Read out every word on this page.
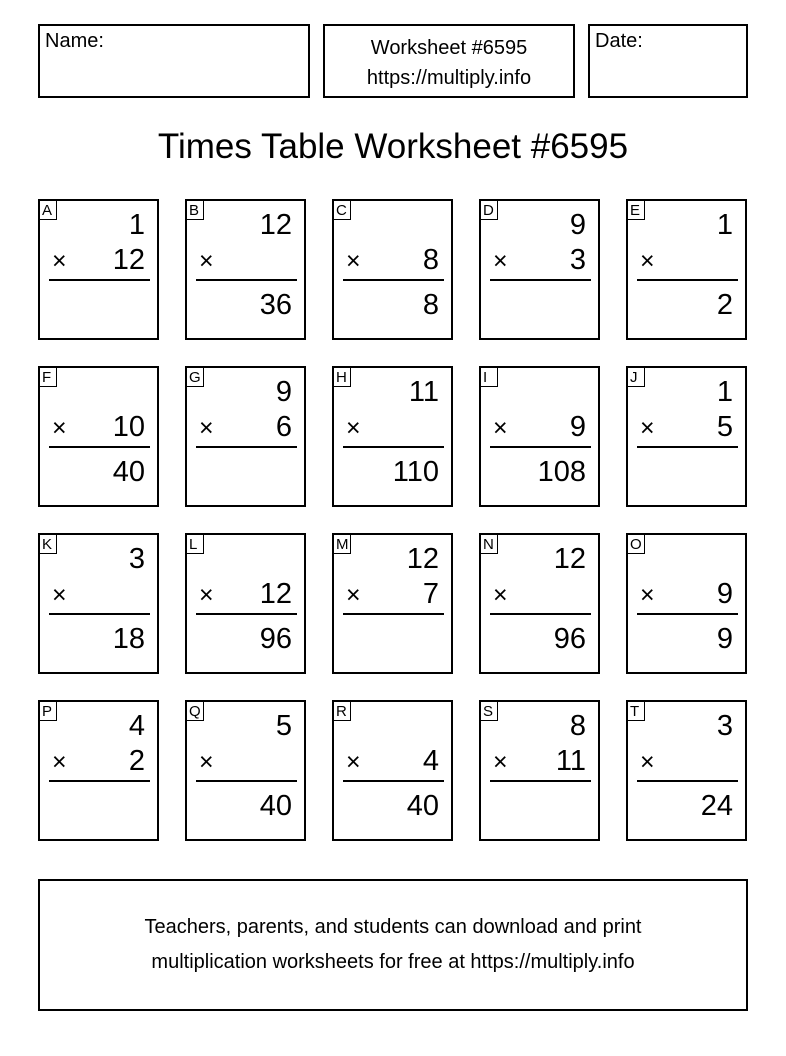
Name:	Worksheet #6595
https://multiply.info
Date:
Times Table Worksheet #6595
A	1
× 12
B 12
×
36
C
× 8
8
D	9
× 3
E	1
×
2
F
× 10
40
G	9
× 6
H 11
×
110
I
× 9
108
J	1
× 5
K	3
×
18
L
× 12
96
M 12
× 7
N 12
×
96
O
× 9
9
P	4
× 2
Q	5
×
40
R
× 4
40
S	8
× 11
T	3
×
24
Teachers, parents, and students can download and print
multiplication worksheets for free at https://multiply.info
